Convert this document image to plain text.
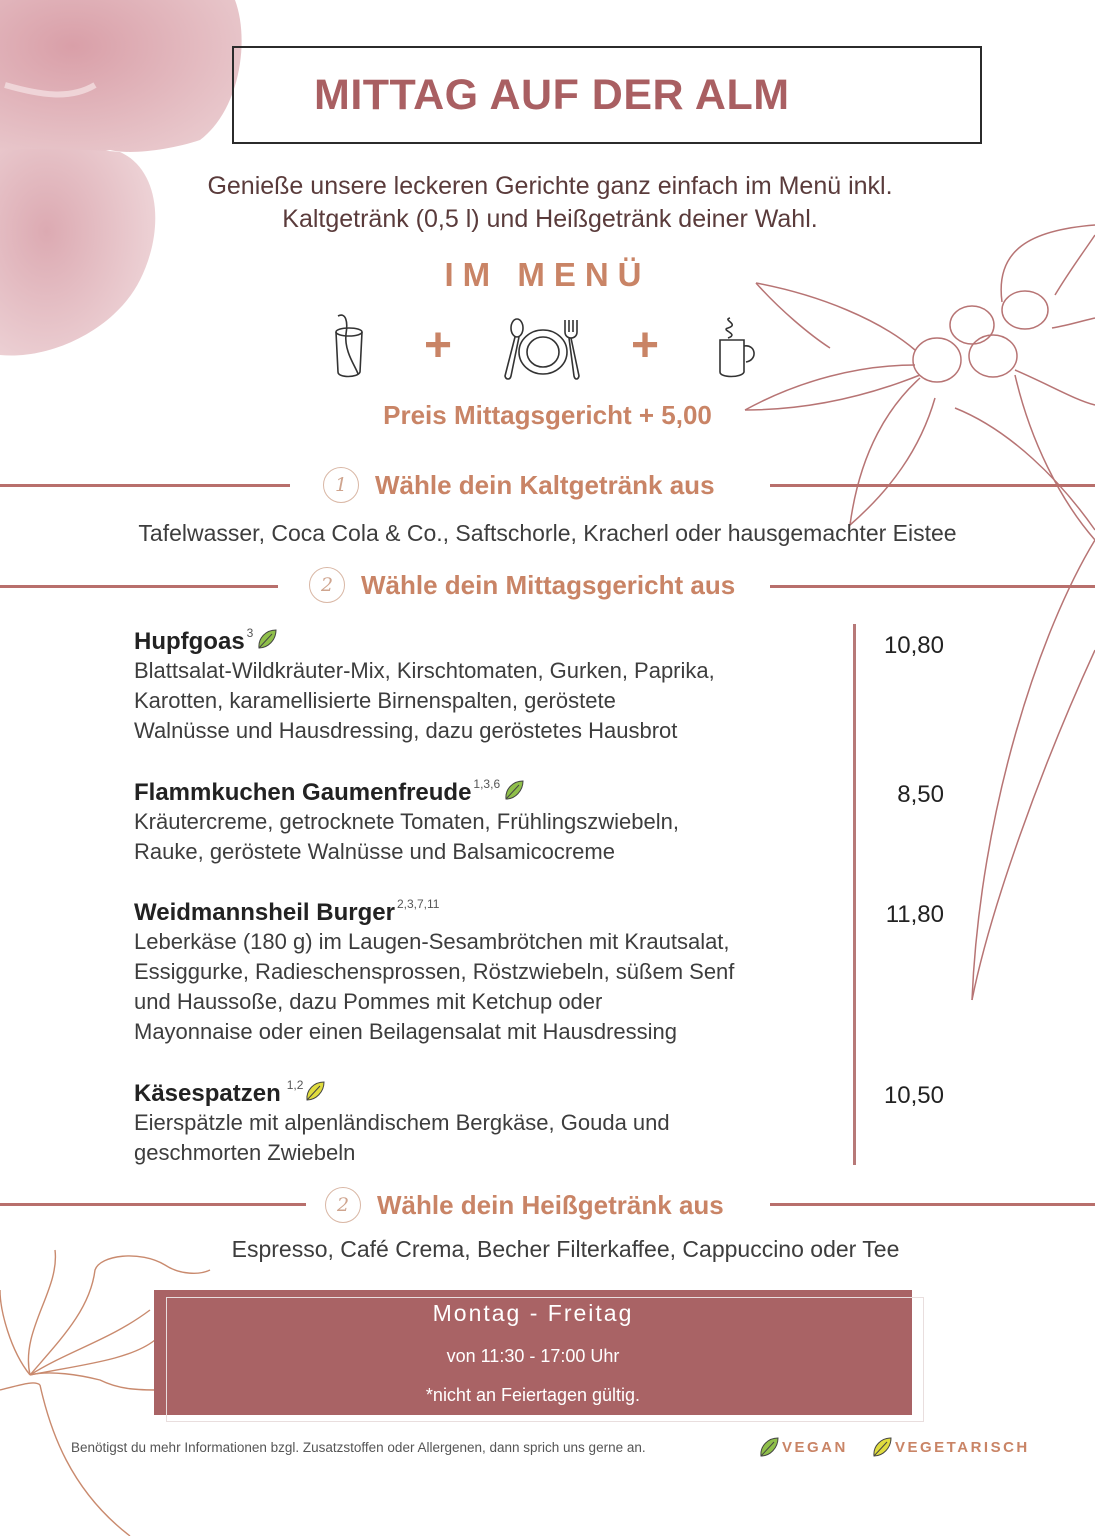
MITTAG AUF DER ALM
Genieße unsere leckeren Gerichte ganz einfach im Menü inkl.
Kaltgetränk (0,5 l) und Heißgetränk deiner Wahl.
IM MENÜ
+	+
Preis Mittagsgericht + 5,00
1	Wähle dein Kaltgetränk aus
Tafelwasser, Coca Cola & Co., Saftschorle, Kracherl oder hausgemachter Eistee
2	Wähle dein Mittagsgericht aus
Hupfgoas$^3$
Blattsalat-Wildkräuter-Mix, Kirschtomaten, Gurken, Paprika,
Karotten, karamellisierte Birnenspalten, geröstete
Walnüsse und Hausdressing, dazu geröstetes Hausbrot
10,80
Flammkuchen Gaumenfreude$^{1,3,6}$
Kräutercreme, getrocknete Tomaten, Frühlingszwiebeln,
Rauke, geröstete Walnüsse und Balsamicocreme
8,50
Weidmannsheil Burger$^{2,3,7,11}$
Leberkäse (180 g) im Laugen-Sesambrötchen mit Krautsalat,
Essiggurke, Radieschensprossen, Röstzwiebeln, süßem Senf
und Haussoße, dazu Pommes mit Ketchup oder
Mayonnaise oder einen Beilagensalat mit Hausdressing
11,80
Käsespatzen $^{1,2}$
Eierspätzle mit alpenländischem Bergkäse, Gouda und
geschmorten Zwiebeln
10,50
2	Wähle dein Heißgetränk aus
Espresso, Café Crema, Becher Filterkaffee, Cappuccino oder Tee
Montag - Freitag
von 11:30 - 17:00 Uhr
*nicht an Feiertagen gültig.
Benötigst du mehr Informationen bzgl. Zusatzstoffen oder Allergenen, dann sprich uns gerne an.	VEGAN	VEGETARISCH
